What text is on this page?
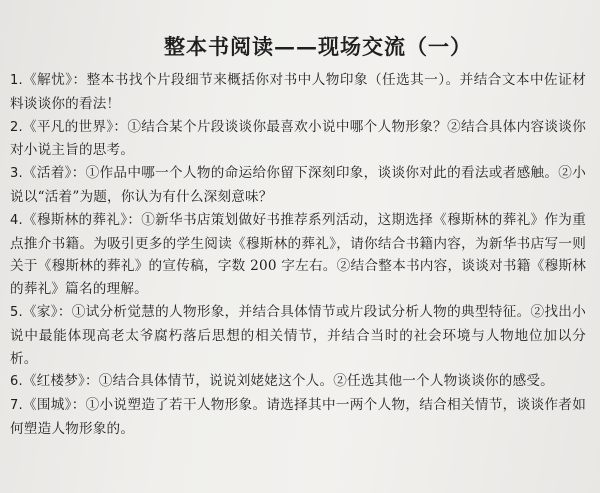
整本书阅读——现场交流（一）

1.《解忧》：整本书找个片段细节来概括你对书中人物印象（任选其一）。并结合文本中佐证材料谈谈你的看法！

2.《平凡的世界》：①结合某个片段谈谈你最喜欢小说中哪个人物形象？②结合具体内容谈谈你对小说主旨的思考。

3.《活着》：①作品中哪一个人物的命运给你留下深刻印象，谈谈你对此的看法或者感触。②小说以“活着”为题，你认为有什么深刻意味？

4.《穆斯林的葬礼》：①新华书店策划做好书推荐系列活动，这期选择《穆斯林的葬礼》作为重点推介书籍。为吸引更多的学生阅读《穆斯林的葬礼》，请你结合书籍内容，为新华书店写一则关于《穆斯林的葬礼》的宣传稿，字数 200 字左右。②结合整本书内容，谈谈对书籍《穆斯林的葬礼》篇名的理解。

5.《家》：①试分析觉慧的人物形象，并结合具体情节或片段试分析人物的典型特征。②找出小说中最能体现高老太爷腐朽落后思想的相关情节，并结合当时的社会环境与人物地位加以分析。

6.《红楼梦》：①结合具体情节，说说刘姥姥这个人。②任选其他一个人物谈谈你的感受。

7.《围城》：①小说塑造了若干人物形象。请选择其中一两个人物，结合相关情节，谈谈作者如何塑造人物形象的。
